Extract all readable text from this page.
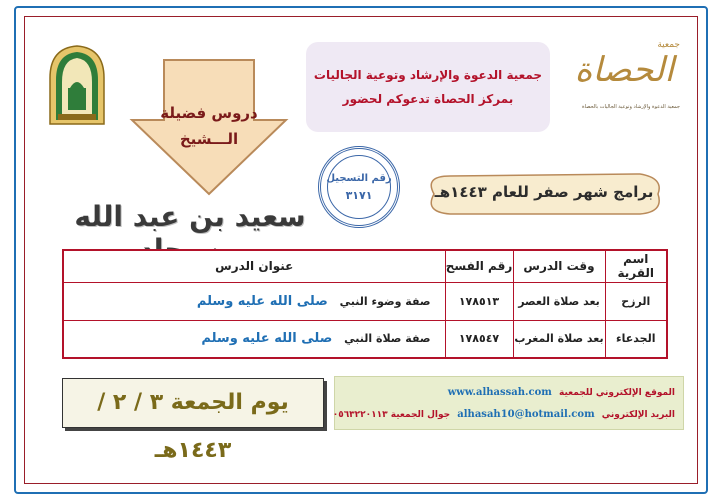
جمعية
الحصاة
جمعية الدعوة والإرشاد وتوعية الجاليات بالحصاة
جمعية الدعوة والإرشاد وتوعية الجاليات
بمركز الحصاة تدعوكم لحضور
دروس فضيلة
الـــشيخ
رقم التسجيل
٣١٧١	برامج شهر صفر للعام ١٤٤٣هـ
سعيد بن عبد الله
اسم القرية	وقت الدرس	رقم الفسح	عنوان الدرس
الرزح	بعد صلاة العصر	١٧٨٥١٣	صفة وضوء النبي صلى الله عليه وسلم
الجدعاء	بعد صلاة المغرب	١٧٨٥٤٧	صفة صلاة النبي صلى الله عليه وسلم
يوم الجمعة ٣ / ٢ / ١٤٤٣هـ
الموقع الإلكتروني للجمعية www.alhassah.com
البريد الإلكتروني alhasah10@hotmail.com جوال الجمعية ٠٥٦٣٢٢٠١١٣
